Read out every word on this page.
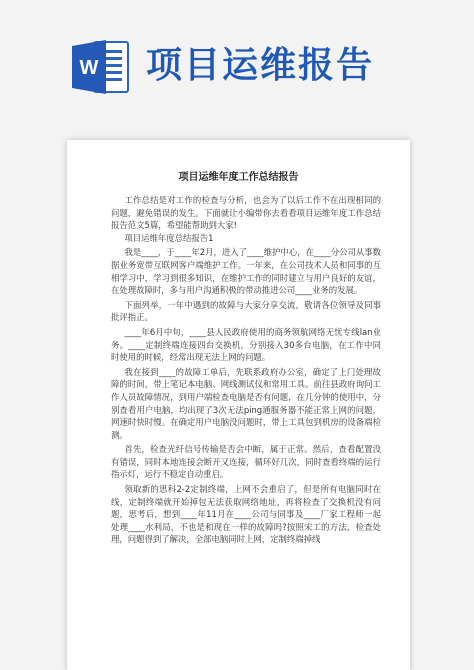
W 项目运维报告
项目运维年度工作总结报告

工作总结是对工作的检查与分析，也会为了以后工作不在出现相同的问题，避免错误的发生。下面就让小编带你去看看项目运维年度工作总结报告范文5篇，希望能帮助到大家!

项目运维年度总结报告1

我是____，于____年2月，进入了____维护中心，在____分公司从事数据业务宽带互联网客户端维护工作。一年来，在公司技术人员和同事的互相学习中，学习到很多知识，在维护工作的同时建立与用户良好的友谊，在处理故障时，多与用户沟通积极的带动推进公司____业务的发展。

下面列举，一年中遇到的故障与大家分享交流，敬请各位领导及同事批评指正。

____年6月中旬，____县人民政府使用的商务领航网络无忧专线lan业务。____定制终端连接四台交换机，分别接入30多台电脑，在工作中同时使用的时候，经常出现无法上网的问题。

我在接到____的故障工单后，先联系政府办公室，确定了上门处理故障的时间，带上笔记本电脑、网线测试仪和常用工具。前往县政府询问工作人员故障情况，到用户端检查电脑是否有问题，在几分钟的使用中，分别查看用户电脑，均出现了3次无法ping通服务器不能正常上网的问题，网速时快时慢。在确定用户电脑没问题时，带上工具包到机房的设备端检测。

首先，检查光纤信号传输是否会中断，属于正常。然后，查看配置没有错误，同时本地连接会断开又连接，循环好几次，同时查看终端的运行指示灯，运行不稳定自动重启。

领取新的思科2-2定制终端，上网不会重启了，但是所有电脑同时在线，定制终端就开始掉包无法获取网络地址，再将检查了交换机没有问题，思考后，想到____年11月在____公司与同事及____厂家工程师一起处理____水利局，不也是和现在一样的故障吗?按照宋工的方法，检查处理，问题得到了解决，全部电脑同时上网，定制终端掉线
